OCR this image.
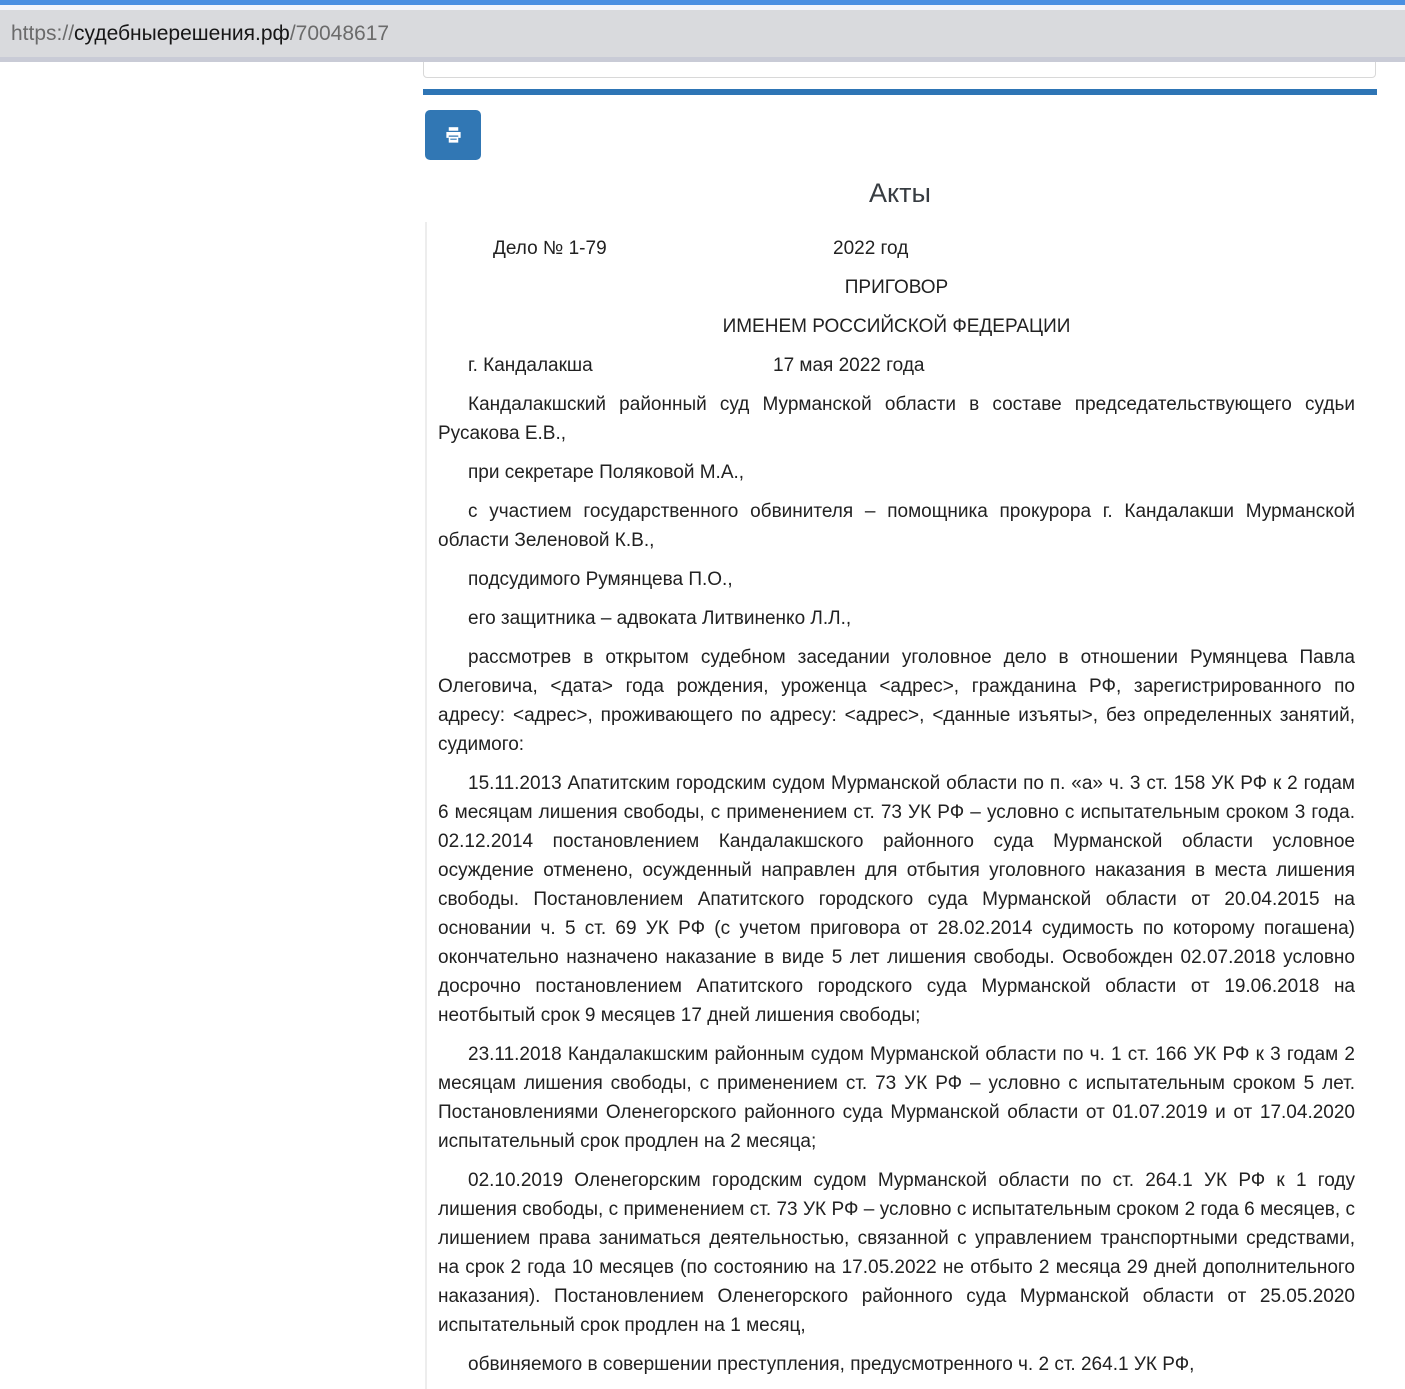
https:// судебныерешения.рф /70048617
Акты
Дело № 1-79	2022 год
ПРИГОВОР
ИМЕНЕМ РОССИЙСКОЙ ФЕДЕРАЦИИ
г. Кандалакша	17 мая 2022 года
Кандалакшский районный суд Мурманской области в составе председательствующего судьи Русакова Е.В.,
при секретаре Поляковой М.А.,
с участием государственного обвинителя – помощника прокурора г. Кандалакши Мурманской области Зеленовой К.В.,
подсудимого Румянцева П.О.,
его защитника – адвоката Литвиненко Л.Л.,
рассмотрев в открытом судебном заседании уголовное дело в отношении Румянцева Павла Олеговича, <дата> года рождения, уроженца <адрес>, гражданина РФ, зарегистрированного по адресу: <адрес>, проживающего по адресу: <адрес>, <данные изъяты>, без определенных занятий, судимого:
15.11.2013 Апатитским городским судом Мурманской области по п. «а» ч. 3 ст. 158 УК РФ к 2 годам 6 месяцам лишения свободы, с применением ст. 73 УК РФ – условно с испытательным сроком 3 года. 02.12.2014 постановлением Кандалакшского районного суда Мурманской области условное осуждение отменено, осужденный направлен для отбытия уголовного наказания в места лишения свободы. Постановлением Апатитского городского суда Мурманской области от 20.04.2015 на основании ч. 5 ст. 69 УК РФ (с учетом приговора от 28.02.2014 судимость по которому погашена) окончательно назначено наказание в виде 5 лет лишения свободы. Освобожден 02.07.2018 условно досрочно постановлением Апатитского городского суда Мурманской области от 19.06.2018 на неотбытый срок 9 месяцев 17 дней лишения свободы;
23.11.2018 Кандалакшским районным судом Мурманской области по ч. 1 ст. 166 УК РФ к 3 годам 2 месяцам лишения свободы, с применением ст. 73 УК РФ – условно с испытательным сроком 5 лет. Постановлениями Оленегорского районного суда Мурманской области от 01.07.2019 и от 17.04.2020 испытательный срок продлен на 2 месяца;
02.10.2019 Оленегорским городским судом Мурманской области по ст. 264.1 УК РФ к 1 году лишения свободы, с применением ст. 73 УК РФ – условно с испытательным сроком 2 года 6 месяцев, с лишением права заниматься деятельностью, связанной с управлением транспортными средствами, на срок 2 года 10 месяцев (по состоянию на 17.05.2022 не отбыто 2 месяца 29 дней дополнительного наказания). Постановлением Оленегорского районного суда Мурманской области от 25.05.2020 испытательный срок продлен на 1 месяц,
обвиняемого в совершении преступления, предусмотренного ч. 2 ст. 264.1 УК РФ,
